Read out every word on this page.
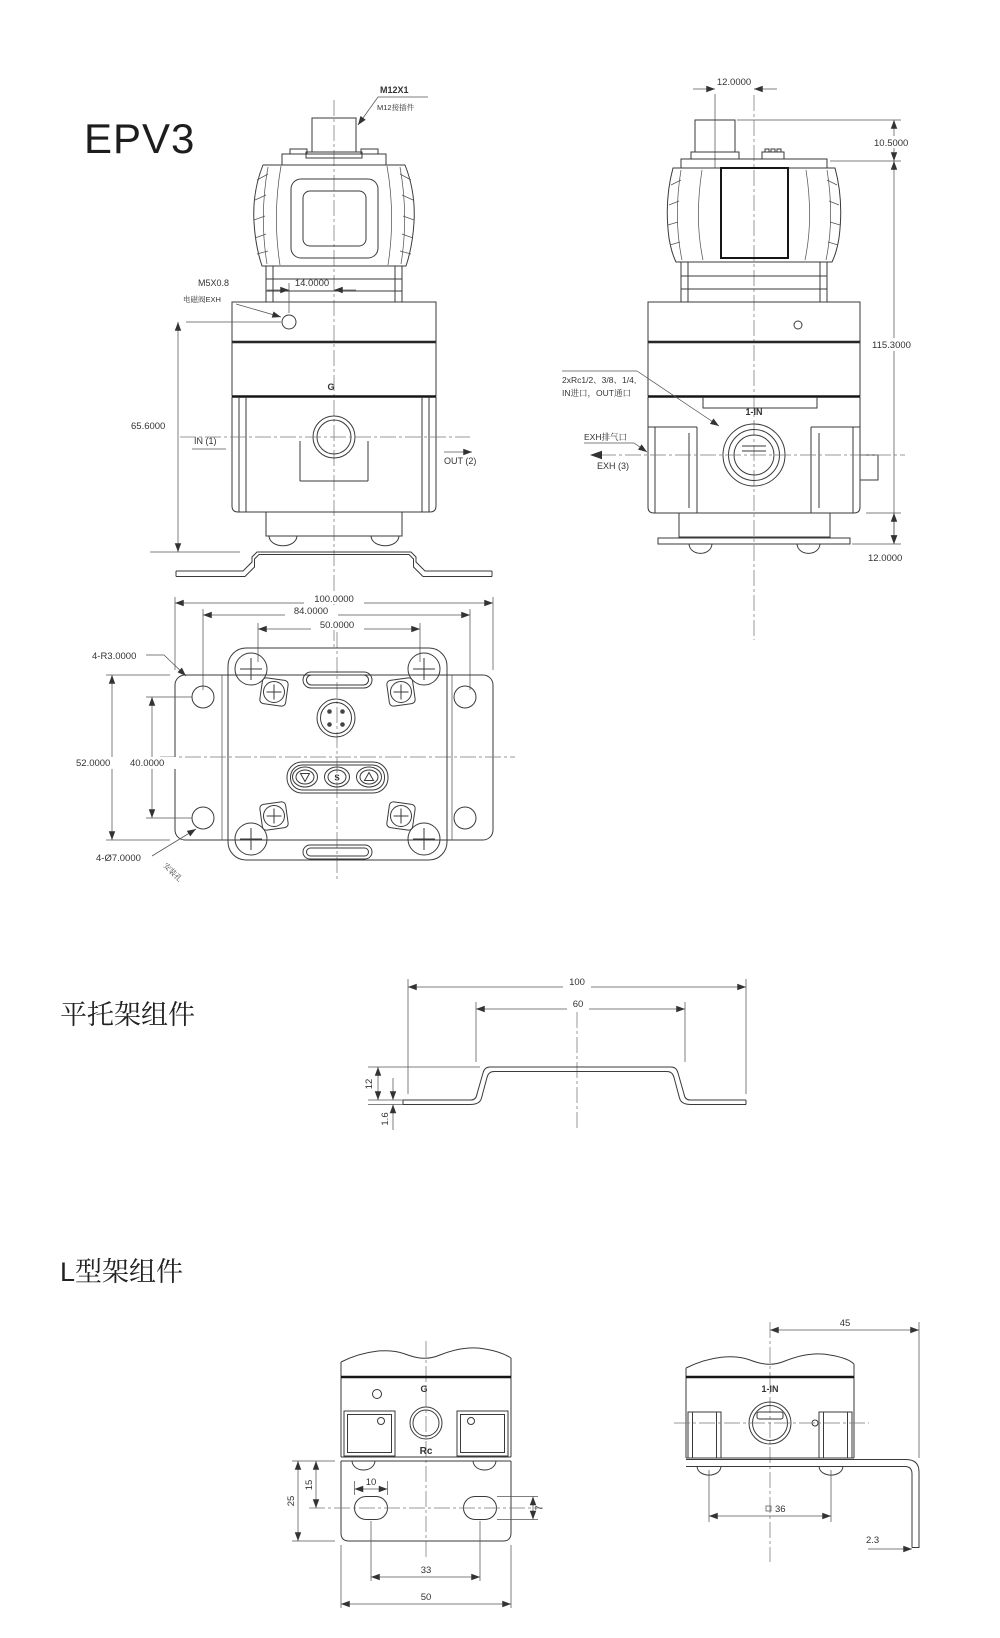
EPV3
M12X1
M12接插件
G
IN (1)
OUT (2)
M5X0.8
电磁阀EXH
14.0000
65.6000
12.0000
1-IN
EXH排气口
EXH (3)
2xRc1/2、3/8、1/4,
IN进口，OUT通口
10.5000
115.3000
12.0000
100.0000
84.0000
50.0000
S
52.0000 40.0000
4-R3.0000
4-Ø7.0000
安装孔
平托架组件
100
60
12
1.6
L型架组件
G
Rc
25
15	10
7
33
50
1-IN
45
36
2.3
